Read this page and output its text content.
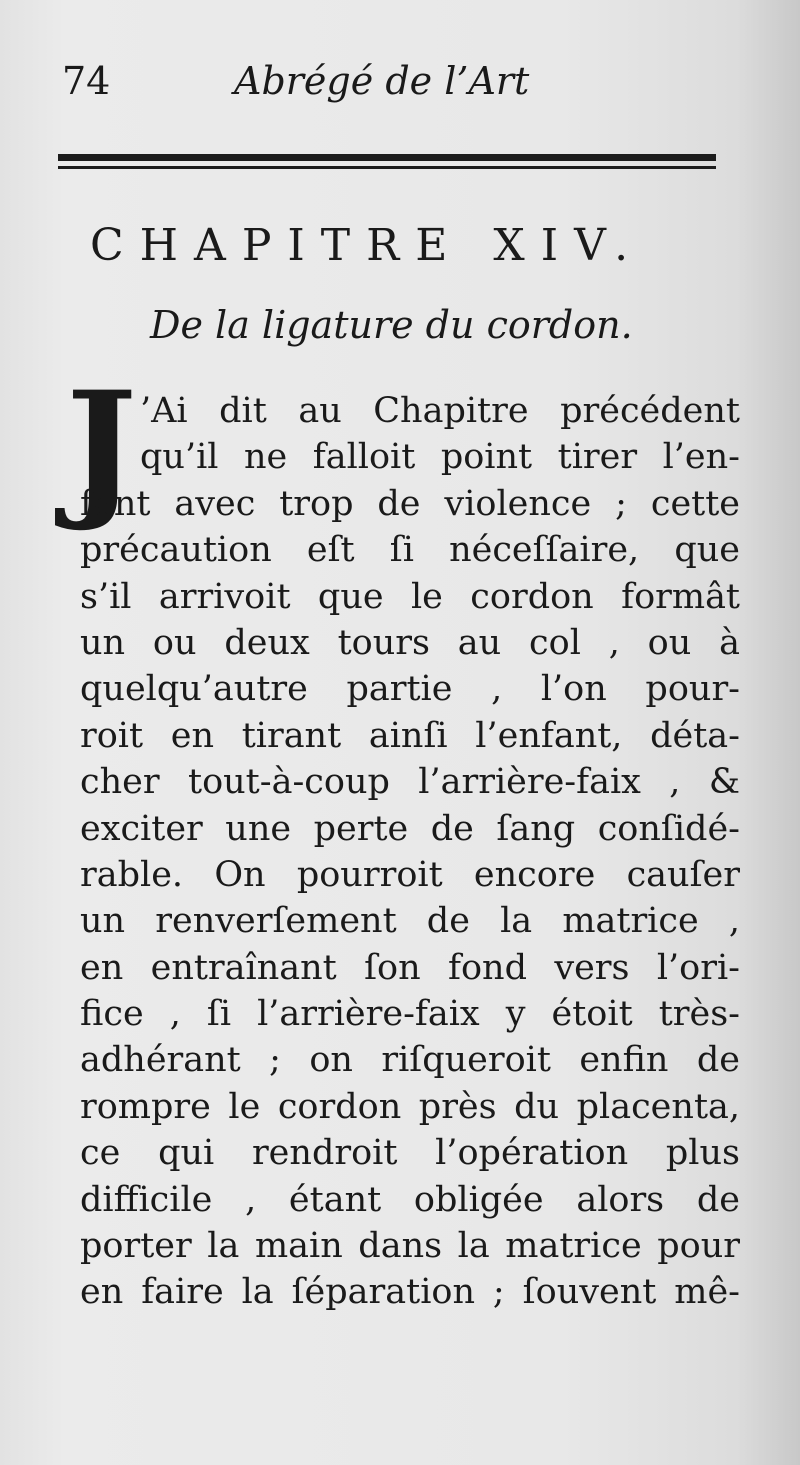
74	Abrégé de l’Art
CHAPITRE XIV.
De la ligature du cordon.
J ’Ai dit au Chapitre précédent
qu’il ne falloit point tirer l’en-
fant avec trop de violence ; cette
précaution eſt ſi néceſſaire, que
s’il arrivoit que le cordon formât
un ou deux tours au col , ou à
quelqu’autre partie , l’on pour-
roit en tirant ainſi l’enfant, déta-
cher tout-à-coup l’arrière-faix , &
exciter une perte de ſang conſidé-
rable. On pourroit encore cauſer
un renverſement de la matrice ,
en entraînant ſon fond vers l’ori-
fice , ſi l’arrière-faix y étoit très-
adhérant ; on riſqueroit enfin de
rompre le cordon près du placenta,
ce qui rendroit l’opération plus
difficile , étant obligée alors de
porter la main dans la matrice pour
en faire la ſéparation ; ſouvent mê-
